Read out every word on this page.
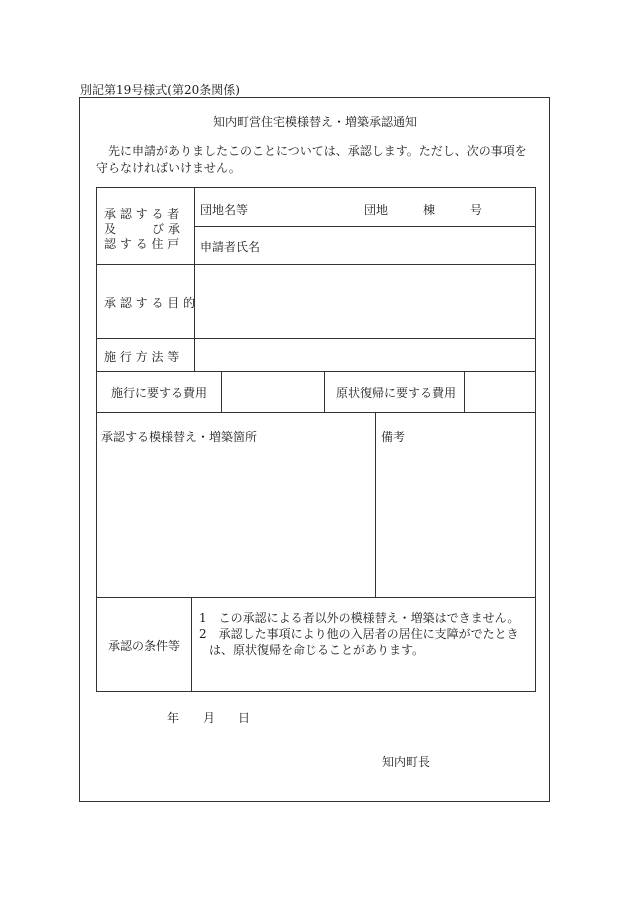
別記第19号様式(第20条関係)
知内町営住宅模様替え・増築承認通知
先に申請がありましたこのことについては、承認します。ただし、次の事項を守らなければいけません。
承 認 す る 者
及　　　び 承
認 す る 住 戸
団地名等	団地	棟	号
申請者氏名
承 認 す る 目 的
施 行 方 法 等
施行に要する費用	原状復帰に要する費用
承認する模様替え・増築箇所	備考
承認の条件等
1　この承認による者以外の模様替え・増築はできません。
2　承認した事項により他の入居者の居住に支障がでたとき
は、原状復帰を命じることがあります。
年 月 日
知内町長
